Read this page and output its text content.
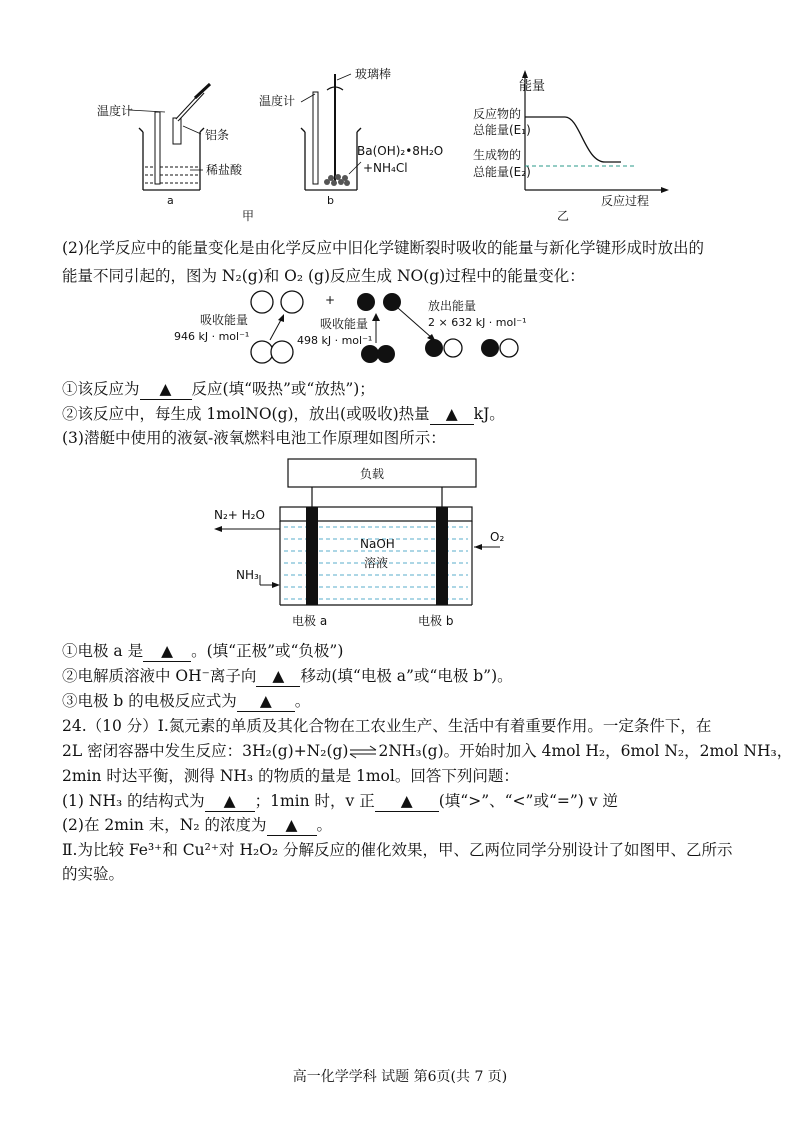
温度计
铝条
稀盐酸
a
温度计
玻璃棒
Ba(OH)₂•8H₂O
+NH₄Cl
b
甲
能量
反应物的
总能量(E₁)
生成物的
总能量(E₂)
反应过程
乙
(2)化学反应中的能量变化是由化学反应中旧化学键断裂时吸收的能量与新化学键形成时放出的
能量不同引起的，图为 N₂(g)和 O₂ (g)反应生成 NO(g)过程中的能量变化：
吸收能量
946 kJ · mol⁻¹
+
吸收能量
498 kJ · mol⁻¹
放出能量
2 × 632 kJ · mol⁻¹
①该反应为 ▲ 反应(填“吸热”或“放热”)；
②该反应中，每生成 1molNO(g)，放出(或吸收)热量 ▲ kJ。
(3)潜艇中使用的液氨-液氧燃料电池工作原理如图所示：
负载
N₂+ H₂O
NH₃
O₂
NaOH
溶液
电极 a	电极 b
①电极 a 是 ▲ 。(填“正极”或“负极”)
②电解质溶液中 OH⁻离子向 ▲ 移动(填“电极 a”或“电极 b”)。
③电极 b 的电极反应式为 ▲ 。
24.（10 分）Ⅰ.氮元素的单质及其化合物在工农业生产、生活中有着重要作用。一定条件下，在
2L 密闭容器中发生反应：3H₂(g)+N₂(g)⇌2NH₃(g)。开始时加入 4mol H₂，6mol N₂，2mol NH₃，
2min 时达平衡，测得 NH₃ 的物质的量是 1mol。回答下列问题：
(1) NH₃ 的结构式为 ▲ ；1min 时，v 正 ▲ (填“>”、“<”或“=”) v 逆
(2)在 2min 末，N₂ 的浓度为 ▲ 。
Ⅱ.为比较 Fe³⁺和 Cu²⁺对 H₂O₂ 分解反应的催化效果，甲、乙两位同学分别设计了如图甲、乙所示
的实验。
高一化学学科 试题 第6页(共 7 页)
